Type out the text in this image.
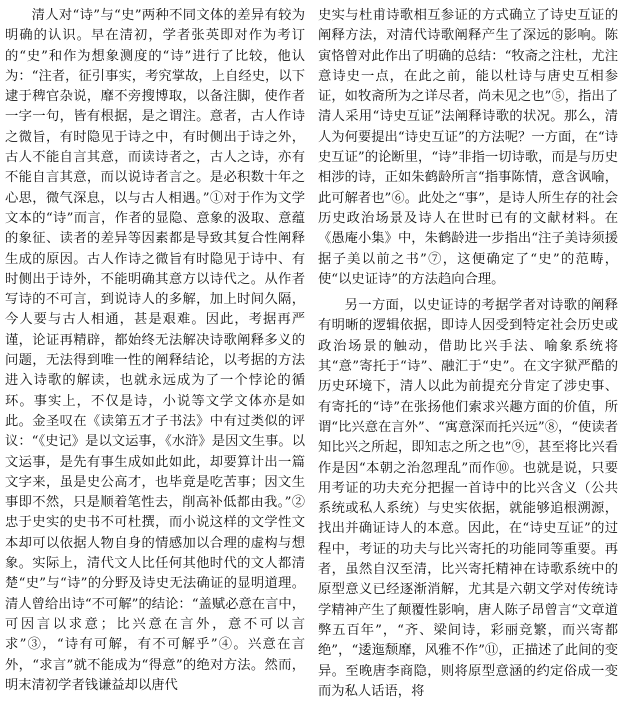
清人对“诗”与“史”两种不同文体的差异有较为明确的认识。早在清初，学者张英即对作为考订的“史”和作为想象测度的“诗”进行了比较，他认为：“注者，征引事实，考究掌故，上自经史，以下逮于稗官杂说，靡不旁搜博取，以备注脚，使作者一字一句，皆有根据，是之谓注。意者，古人作诗之微旨，有时隐见于诗之中，有时侧出于诗之外，古人不能自言其意，而读诗者之，古人之诗，亦有不能自言其意，而以说诗者言之。是必积数十年之心思，微气深息，以与古人相遇。”①对于作为文学文本的“诗”而言，作者的显隐、意象的汲取、意蕴的象征、读者的差异等因素都是导致其复合性阐释生成的原因。古人作诗之微旨有时隐见于诗中、有时侧出于诗外，不能明确其意方以诗代之。从作者写诗的不可言，到说诗人的多解，加上时间久隔，今人要与古人相通，甚是艰难。因此，考据再严谨，论证再精辟，都始终无法解决诗歌阐释多义的问题，无法得到唯一性的阐释结论，以考据的方法进入诗歌的解读，也就永远成为了一个悖论的循环。事实上，不仅是诗，小说等文学文体亦是如此。金圣叹在《读第五才子书法》中有过类似的评议：“《史记》是以文运事，《水浒》是因文生事。以文运事，是先有事生成如此如此，却要算计出一篇文字来，虽是史公高才，也毕竟是吃苦事；因文生事即不然，只是顺着笔性去，削高补低都由我。”②忠于史实的史书不可杜撰，而小说这样的文学性文本却可以依据人物自身的情感加以合理的虚构与想象。实际上，清代文人比任何其他时代的文人都清楚“史”与“诗”的分野及诗史无法确证的显明道理。清人曾给出诗“不可解”的结论：“盖赋必意在言中，可因言以求意；比兴意在言外，意不可以言求”③，“诗有可解，有不可解乎”④。兴意在言外，“求言”就不能成为“得意”的绝对方法。然而，明末清初学者钱谦益却以唐代

史实与杜甫诗歌相互参证的方式确立了诗史互证的阐释方法，对清代诗歌阐释产生了深远的影响。陈寅恪曾对此作出了明确的总结：“牧斋之注杜，尤注意诗史一点，在此之前，能以杜诗与唐史互相参证，如牧斋所为之详尽者，尚未见之也”⑤，指出了清人采用“诗史互证”法阐释诗歌的状况。那么，清人为何要提出“诗史互证”的方法呢？一方面，在“诗史互证”的论断里，“诗”非指一切诗歌，而是与历史相涉的诗，正如朱鹤龄所言“指事陈情，意含讽喻，此可解者也”⑥。此处之“事”，是诗人所生存的社会历史政治场景及诗人在世时已有的文献材料。在《愚庵小集》中，朱鹤龄进一步指出“注子美诗须援据子美以前之书”⑦，这便确定了“史”的范畴，使“以史证诗”的方法趋向合理。

另一方面，以史证诗的考据学者对诗歌的阐释有明晰的逻辑依据，即诗人因受到特定社会历史或政治场景的触动，借助比兴手法、喻象系统将其“意”寄托于“诗”、融汇于“史”。在文字狱严酷的历史环境下，清人以此为前提充分肯定了涉史事、有寄托的“诗”在张扬他们索求兴趣方面的价值，所谓“比兴意在言外”、“寓意深而托兴远”⑧，“使读者知比兴之所起，即知志之所之也”⑨，甚至将比兴看作是因“本朝之治忽理乱”而作⑩。也就是说，只要用考证的功夫充分把握一首诗中的比兴含义（公共系统或私人系统）与史实依据，就能够追根溯源，找出并确证诗人的本意。因此，在“诗史互证”的过程中，考证的功夫与比兴寄托的功能同等重要。再者，虽然自汉至清，比兴寄托精神在诗歌系统中的原型意义已经逐渐消解，尤其是六朝文学对传统诗学精神产生了颠覆性影响，唐人陈子昂曾言“文章道弊五百年”，“齐、梁间诗，彩丽竞繁，而兴寄都绝”，“逶迤颓靡，风雅不作”⑪，正描述了此间的变异。至晚唐李商隐，则将原型意涵的约定俗成一变而为私人话语，将
